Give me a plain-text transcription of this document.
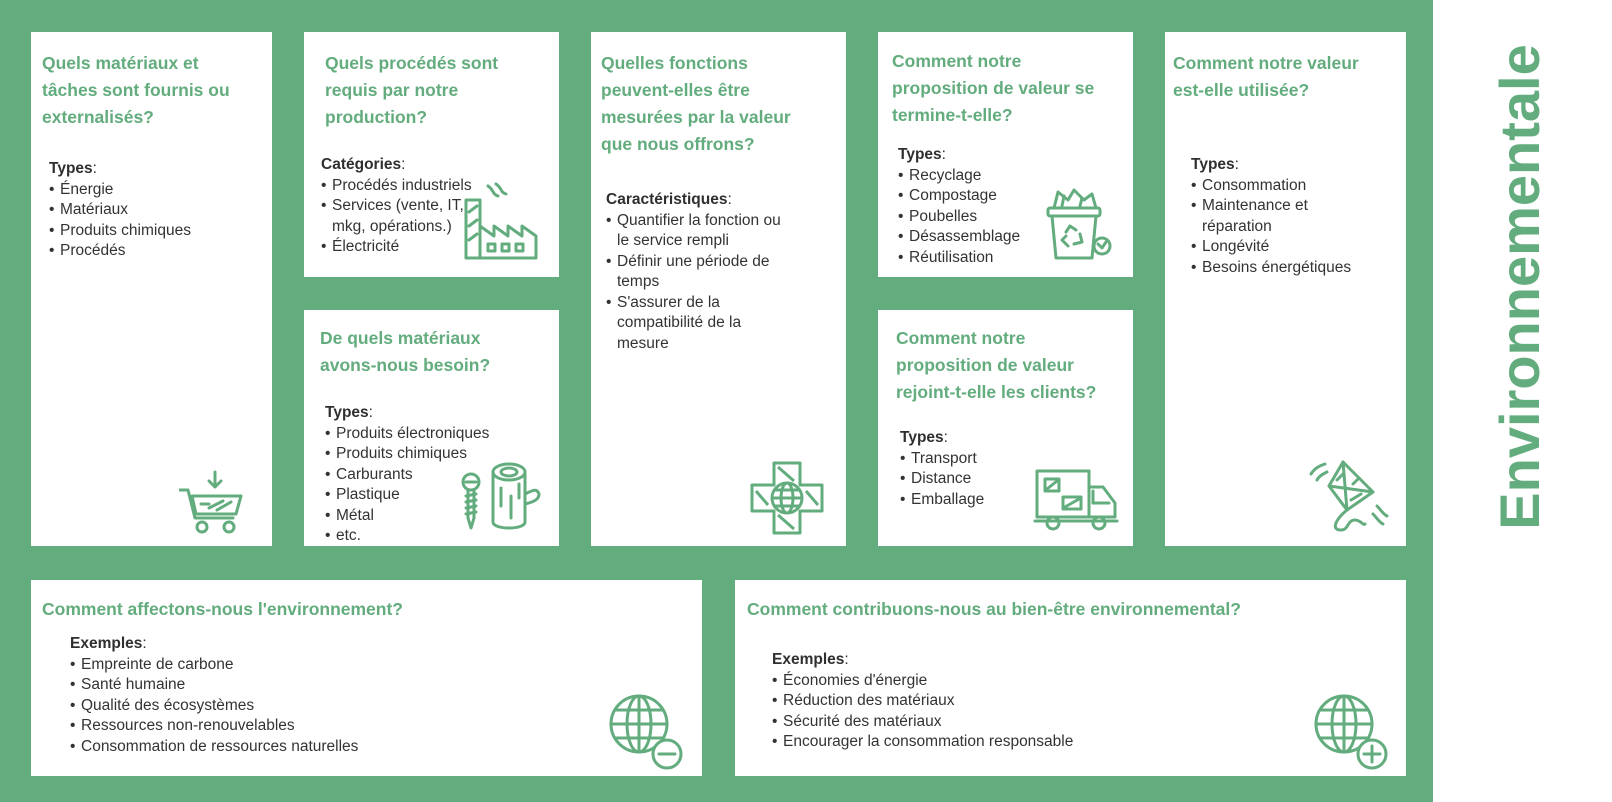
Quels matériaux et
tâches sont fournis ou
externalisés?
Types:
• Énergie
• Matériaux
• Produits chimiques
• Procédés
Quels procédés sont
requis par notre
production?
Catégories:
• Procédés industriels
• Services (vente, IT,
mkg, opérations.)
• Électricité
De quels matériaux
avons-nous besoin?
Types:
• Produits électroniques
• Produits chimiques
• Carburants
• Plastique
• Métal
• etc.
Quelles fonctions
peuvent-elles être
mesurées par la valeur
que nous offrons?
Caractéristiques:
• Quantifier la fonction ou
le service rempli
• Définir une période de
temps
• S'assurer de la
compatibilité de la
mesure
Comment notre
proposition de valeur se
termine-t-elle?
Types:
• Recyclage
• Compostage
• Poubelles
• Désassemblage
• Réutilisation
Comment notre
proposition de valeur
rejoint-t-elle les clients?
Types:
• Transport
• Distance
• Emballage
Comment notre valeur
est-elle utilisée?
Types:
• Consommation
• Maintenance et
réparation
• Longévité
• Besoins énergétiques
Comment affectons-nous l'environnement?
Exemples:
• Empreinte de carbone
• Santé humaine
• Qualité des écosystèmes
• Ressources non-renouvelables
• Consommation de ressources naturelles
Comment contribuons-nous au bien-être environnemental?
Exemples:
• Économies d'énergie
• Réduction des matériaux
• Sécurité des matériaux
• Encourager la consommation responsable
Environnementale
